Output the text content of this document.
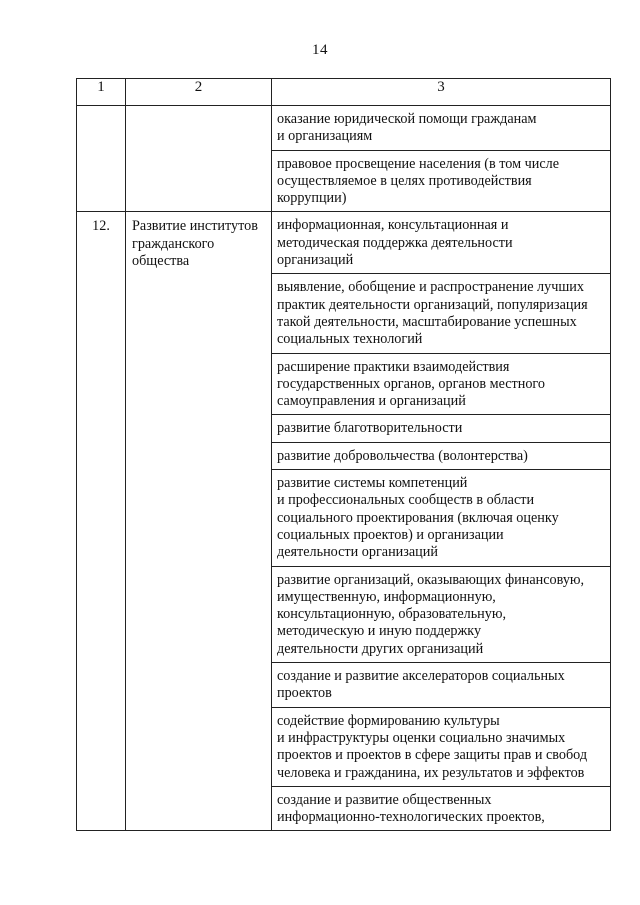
14
1	2	3
		оказание юридической помощи гражданам
и организациям
		правовое просвещение населения (в том числе
осуществляемое в целях противодействия
коррупции)
12.	Развитие институтов
гражданского
общества	информационная, консультационная и
методическая поддержка деятельности
организаций
		выявление, обобщение и распространение лучших
практик деятельности организаций, популяризация
такой деятельности, масштабирование успешных
социальных технологий
		расширение практики взаимодействия
государственных органов, органов местного
самоуправления и организаций
		развитие благотворительности
		развитие добровольчества (волонтерства)
		развитие системы компетенций
и профессиональных сообществ в области
социального проектирования (включая оценку
социальных проектов) и организации
деятельности организаций
		развитие организаций, оказывающих финансовую,
имущественную, информационную,
консультационную, образовательную,
методическую и иную поддержку
деятельности других организаций
		создание и развитие акселераторов социальных
проектов
		содействие формированию культуры
и инфраструктуры оценки социально значимых
проектов и проектов в сфере защиты прав и свобод
человека и гражданина, их результатов и эффектов
		создание и развитие общественных
информационно-технологических проектов,
